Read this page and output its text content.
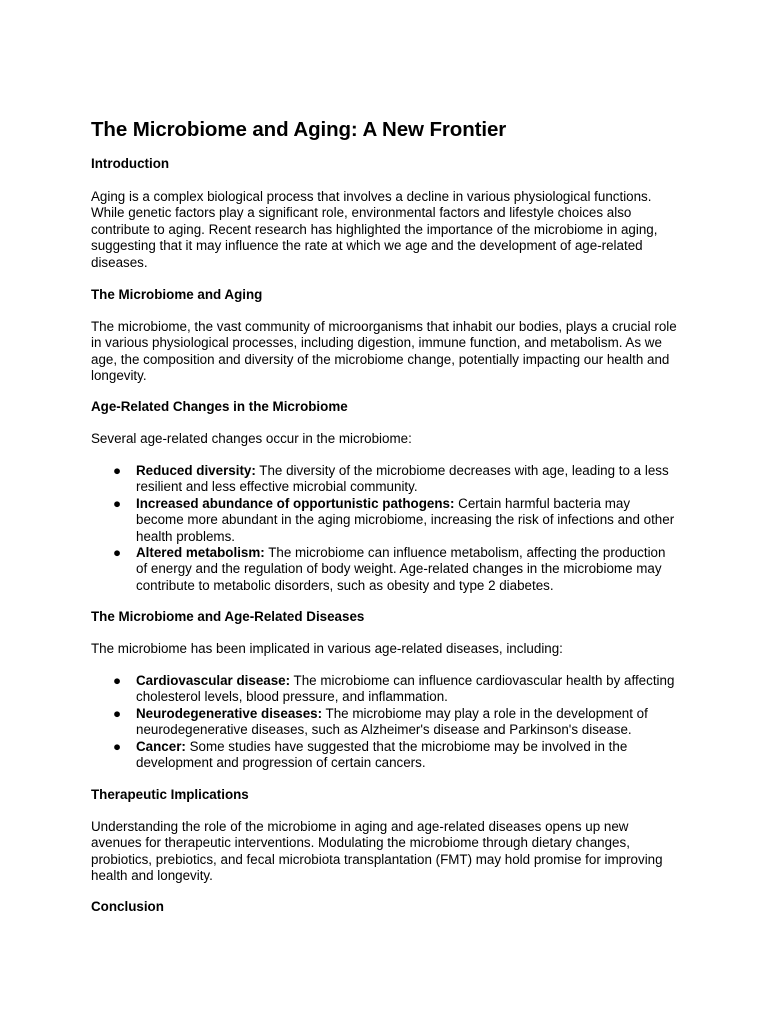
The Microbiome and Aging: A New Frontier

Introduction

Aging is a complex biological process that involves a decline in various physiological functions. While genetic factors play a significant role, environmental factors and lifestyle choices also contribute to aging. Recent research has highlighted the importance of the microbiome in aging, suggesting that it may influence the rate at which we age and the development of age-related diseases.

The Microbiome and Aging

The microbiome, the vast community of microorganisms that inhabit our bodies, plays a crucial role in various physiological processes, including digestion, immune function, and metabolism. As we age, the composition and diversity of the microbiome change, potentially impacting our health and longevity.

Age-Related Changes in the Microbiome

Several age-related changes occur in the microbiome:

● Reduced diversity: The diversity of the microbiome decreases with age, leading to a less resilient and less effective microbial community.
● Increased abundance of opportunistic pathogens: Certain harmful bacteria may become more abundant in the aging microbiome, increasing the risk of infections and other health problems.
● Altered metabolism: The microbiome can influence metabolism, affecting the production of energy and the regulation of body weight. Age-related changes in the microbiome may contribute to metabolic disorders, such as obesity and type 2 diabetes.

The Microbiome and Age-Related Diseases

The microbiome has been implicated in various age-related diseases, including:

● Cardiovascular disease: The microbiome can influence cardiovascular health by affecting cholesterol levels, blood pressure, and inflammation.
● Neurodegenerative diseases: The microbiome may play a role in the development of neurodegenerative diseases, such as Alzheimer's disease and Parkinson's disease.
● Cancer: Some studies have suggested that the microbiome may be involved in the development and progression of certain cancers.

Therapeutic Implications

Understanding the role of the microbiome in aging and age-related diseases opens up new avenues for therapeutic interventions. Modulating the microbiome through dietary changes, probiotics, prebiotics, and fecal microbiota transplantation (FMT) may hold promise for improving health and longevity.

Conclusion
